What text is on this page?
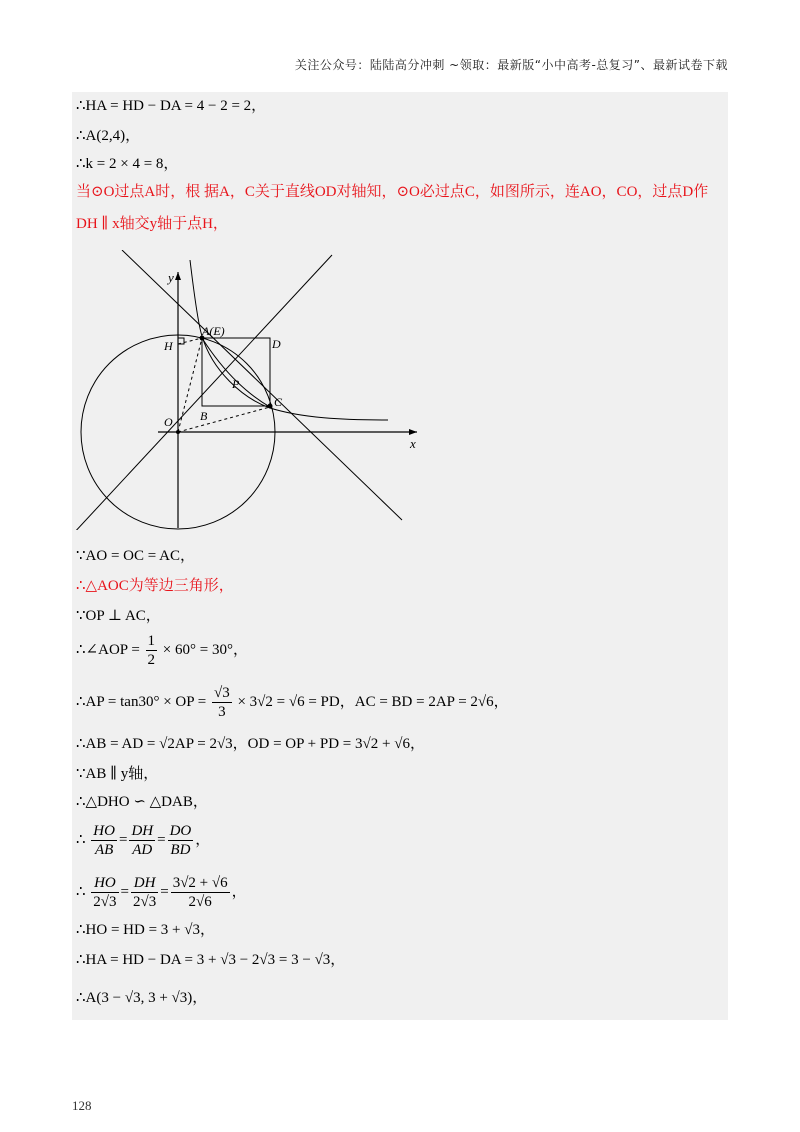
关注公众号：陆陆高分冲刺 ~领取：最新版“小中高考-总复习”、最新试卷下载
∴HA = HD − DA = 4 − 2 = 2，
∴A(2,4)，
∴k = 2 × 4 = 8，
当⊙O过点A时，根 据A，C关于直线OD对轴知，⊙O必过点C，如图所示，连AO，CO，过点D作
DH ∥ x轴交y轴于点H，
y
x
A(E)
D
H
P
C
O B
∵AO = OC = AC，
∴△AOC为等边三角形，
∵OP ⊥ AC，
∴∠AOP = $\frac{1}{2} \times 60^\circ = 30^\circ$，
∴AP = tan30° × OP = $\frac{√3}{3} \times 3√2 = √6$ = PD，AC = BD = 2AP = 2√6，
∴AB = AD = √2AP = 2√3，OD = OP + PD = 3√2 + √6，
∵AB ∥ y轴，
∴△DHO ∽ △DAB，
∴ $\frac{HO}{AB} = \frac{DH}{AD} = \frac{DO}{BD}$ ，
∴ $\frac{HO}{2√3} = \frac{DH}{2√3} = \frac{3√2 + √6}{2√6}$ ，
∴HO = HD = 3 + √3，
∴HA = HD − DA = 3 + √3 − 2√3 = 3 − √3，
∴A(3 − √3, 3 + √3)，
128
